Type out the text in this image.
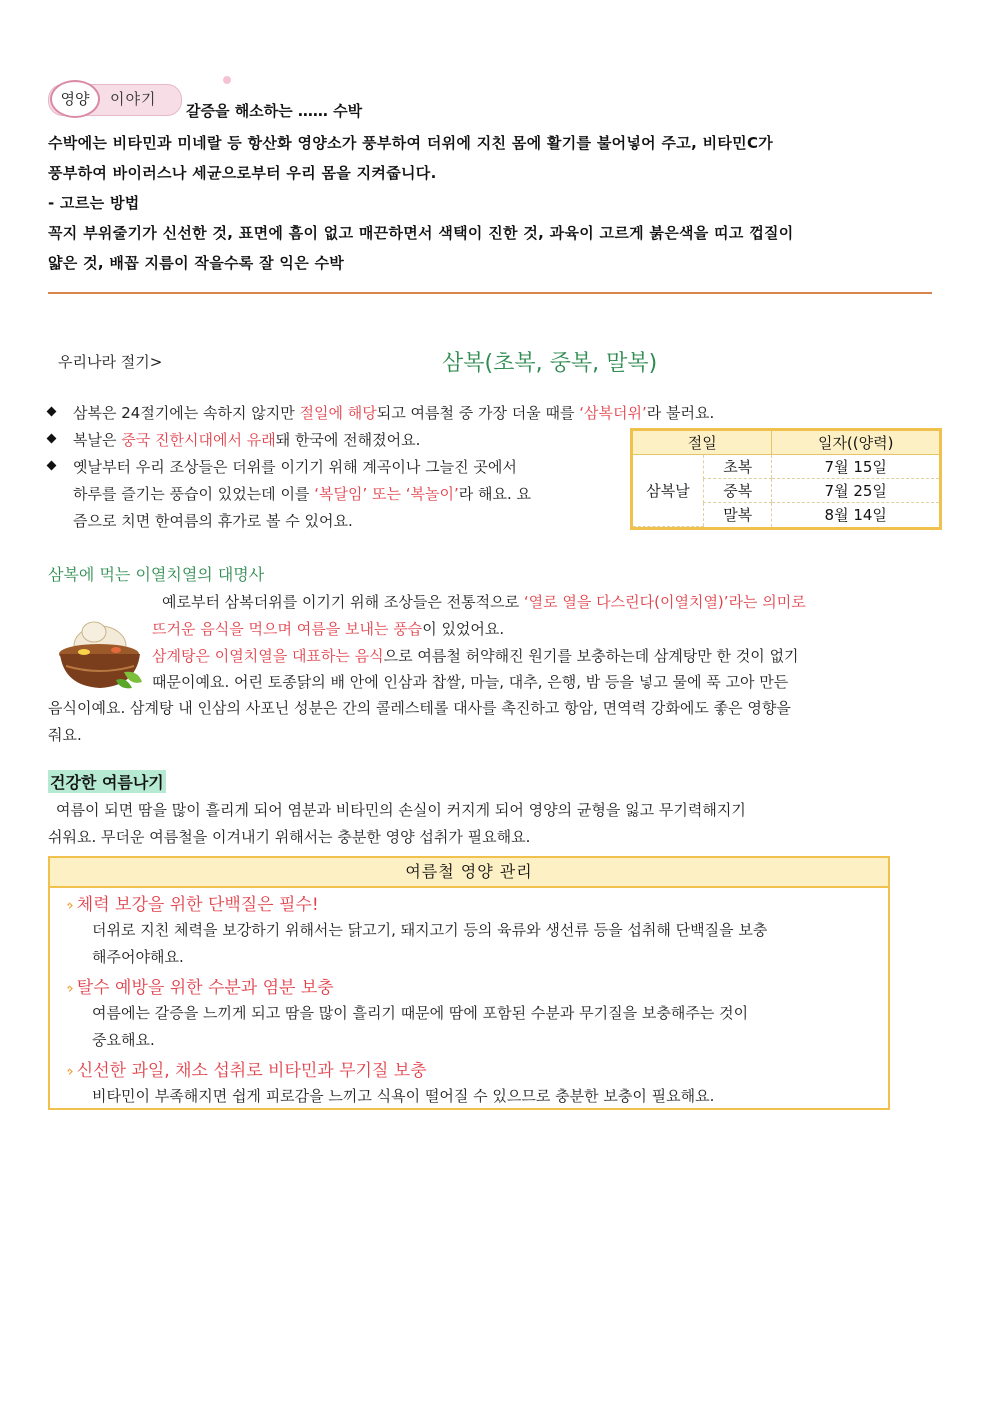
영양	이야기
갈증을 해소하는 …… 수박
수박에는 비타민과 미네랄 등 항산화 영양소가 풍부하여 더위에 지친 몸에 활기를 불어넣어 주고, 비타민C가
풍부하여 바이러스나 세균으로부터 우리 몸을 지켜줍니다.
- 고르는 방법
꼭지 부위줄기가 신선한 것, 표면에 흠이 없고 매끈하면서 색택이 진한 것, 과육이 고르게 붉은색을 띠고 껍질이
얇은 것, 배꼽 지름이 작을수록 잘 익은 수박
우리나라 절기>	삼복(초복, 중복, 말복)
삼복은 24절기에는 속하지 않지만 절일에 해당되고 여름철 중 가장 더울 때를 ‘삼복더위’라 불러요.
복날은 중국 진한시대에서 유래돼 한국에 전해졌어요.
옛날부터 우리 조상들은 더위를 이기기 위해 계곡이나 그늘진 곳에서
하루를 즐기는 풍습이 있었는데 이를 ‘복달임’ 또는 ‘복놀이’라 해요. 요
즘으로 치면 한여름의 휴가로 볼 수 있어요.
절일		일자((양력)
삼복날	초복	7월 15일
	중복	7월 25일
	말복	8월 14일
삼복에 먹는 이열치열의 대명사
예로부터 삼복더위를 이기기 위해 조상들은 전통적으로 ‘열로 열을 다스린다(이열치열)’라는 의미로
뜨거운 음식을 먹으며 여름을 보내는 풍습이 있었어요.
삼계탕은 이열치열을 대표하는 음식으로 여름철 허약해진 원기를 보충하는데 삼계탕만 한 것이 없기
때문이예요. 어린 토종닭의 배 안에 인삼과 찹쌀, 마늘, 대추, 은행, 밤 등을 넣고 물에 푹 고아 만든
음식이예요. 삼계탕 내 인삼의 사포닌 성분은 간의 콜레스테롤 대사를 촉진하고 항암, 면역력 강화에도 좋은 영향을
줘요.
건강한 여름나기
여름이 되면 땀을 많이 흘리게 되어 염분과 비타민의 손실이 커지게 되어 영양의 균형을 잃고 무기력해지기
쉬워요. 무더운 여름철을 이겨내기 위해서는 충분한 영양 섭취가 필요해요.
여름철 영양 관리
·› 체력 보강을 위한 단백질은 필수!
더위로 지친 체력을 보강하기 위해서는 닭고기, 돼지고기 등의 육류와 생선류 등을 섭취해 단백질을 보충
해주어야해요.
·› 탈수 예방을 위한 수분과 염분 보충
여름에는 갈증을 느끼게 되고 땀을 많이 흘리기 때문에 땀에 포함된 수분과 무기질을 보충해주는 것이
중요해요.
·› 신선한 과일, 채소 섭취로 비타민과 무기질 보충
비타민이 부족해지면 쉽게 피로감을 느끼고 식욕이 떨어질 수 있으므로 충분한 보충이 필요해요.
